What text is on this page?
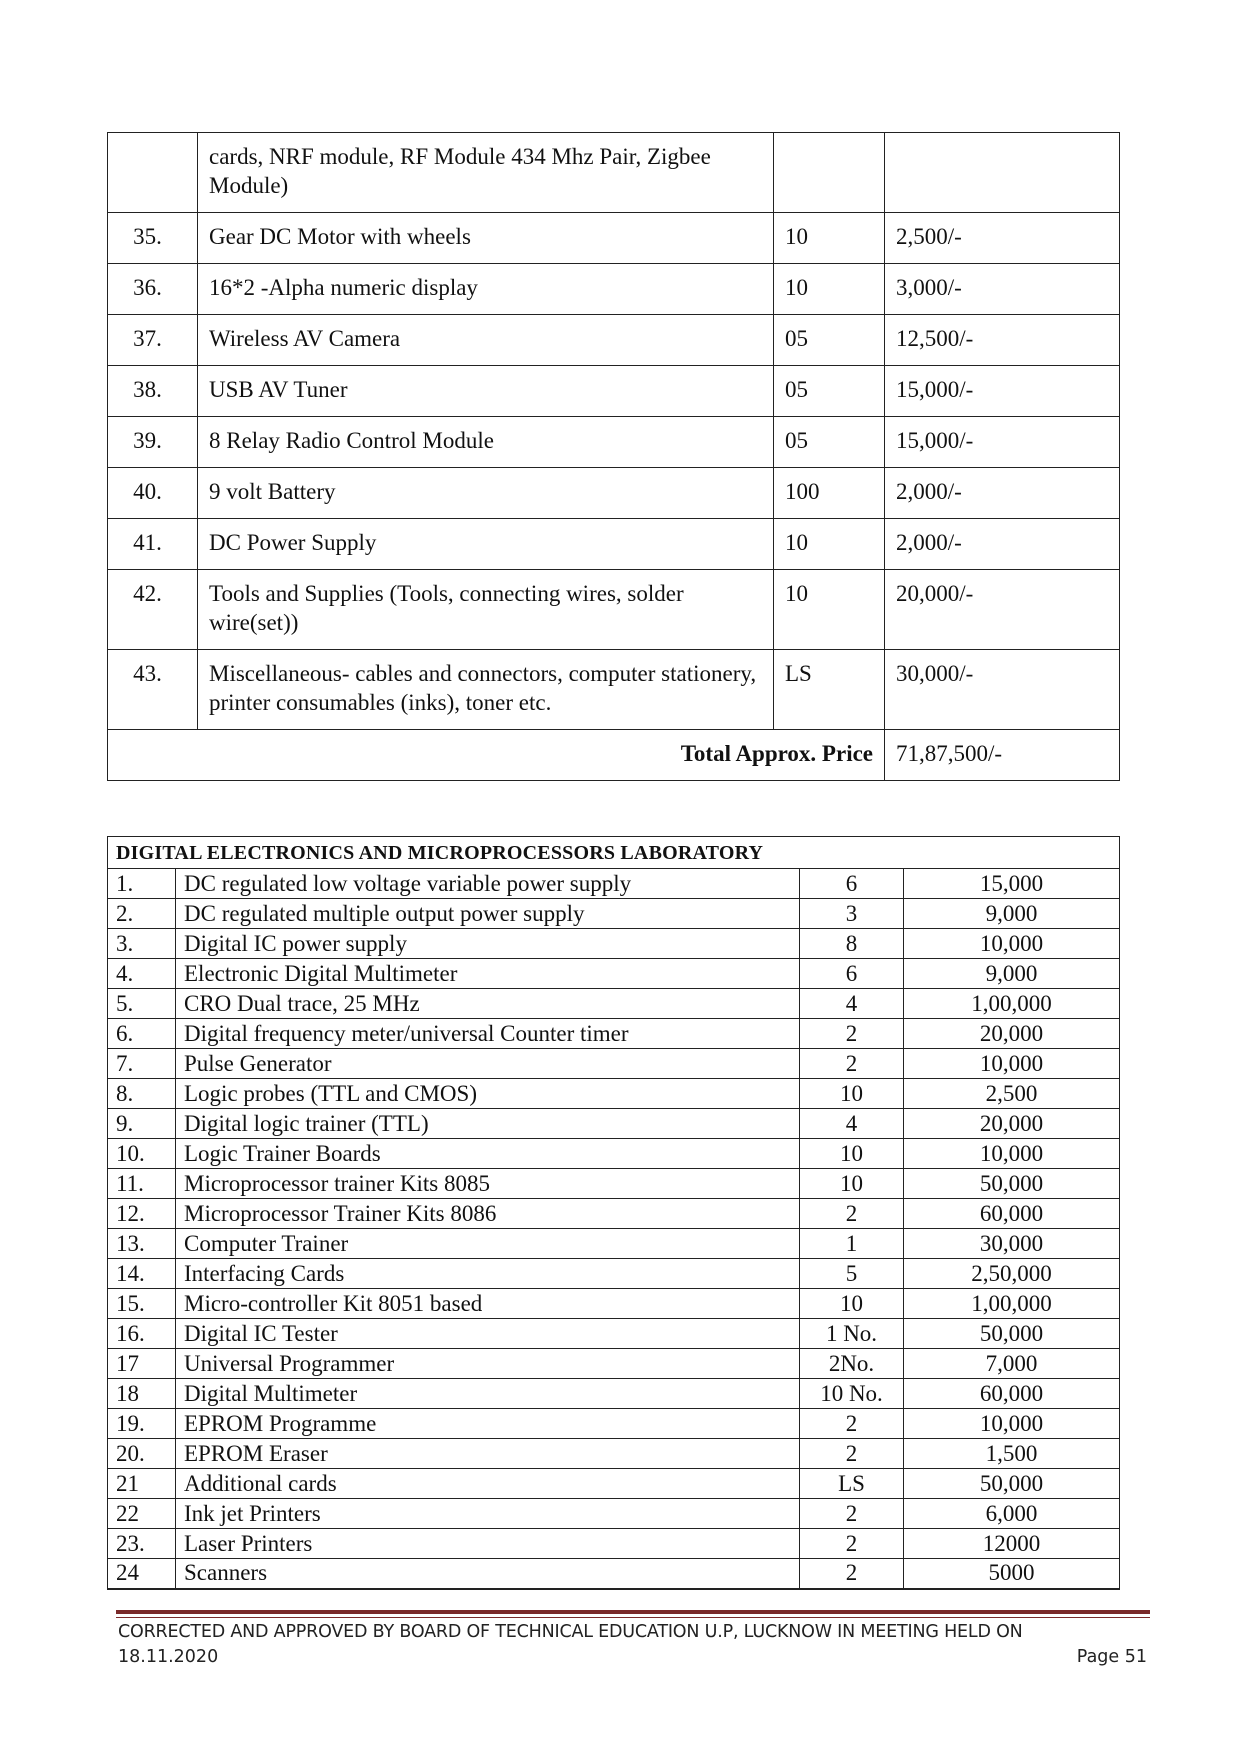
	cards, NRF module, RF Module 434 Mhz Pair, Zigbee Module)		
35.	Gear DC Motor with wheels	10	2,500/-
36.	16*2 -Alpha numeric display	10	3,000/-
37.	Wireless AV Camera	05	12,500/-
38.	USB AV Tuner	05	15,000/-
39.	8 Relay Radio Control Module	05	15,000/-
40.	9 volt Battery	100	2,000/-
41.	DC Power Supply	10	2,000/-
42.	Tools and Supplies (Tools, connecting wires, solder wire(set))	10	20,000/-
43.	Miscellaneous- cables and connectors, computer stationery, printer consumables (inks), toner etc.	LS	30,000/-
Total Approx. Price			71,87,500/-
DIGITAL ELECTRONICS AND MICROPROCESSORS LABORATORY			
1.	DC regulated low voltage variable power supply	6	15,000
2.	DC regulated multiple output power supply	3	9,000
3.	Digital IC power supply	8	10,000
4.	Electronic Digital Multimeter	6	9,000
5.	CRO Dual trace, 25 MHz	4	1,00,000
6.	Digital frequency meter/universal Counter timer	2	20,000
7.	Pulse Generator	2	10,000
8.	Logic probes (TTL and CMOS)	10	2,500
9.	Digital logic trainer (TTL)	4	20,000
10.	Logic Trainer Boards	10	10,000
11.	Microprocessor trainer Kits 8085	10	50,000
12.	Microprocessor Trainer Kits 8086	2	60,000
13.	Computer Trainer	1	30,000
14.	Interfacing Cards	5	2,50,000
15.	Micro-controller Kit 8051 based	10	1,00,000
16.	Digital IC Tester	1 No.	50,000
17	Universal Programmer	2No.	7,000
18	Digital Multimeter	10 No.	60,000
19.	EPROM Programme	2	10,000
20.	EPROM Eraser	2	1,500
21	Additional cards	LS	50,000
22	Ink jet Printers	2	6,000
23.	Laser Printers	2	12000
24	Scanners	2	5000
CORRECTED AND APPROVED BY BOARD OF TECHNICAL EDUCATION U.P, LUCKNOW IN MEETING HELD ON
18.11.2020	Page 51
